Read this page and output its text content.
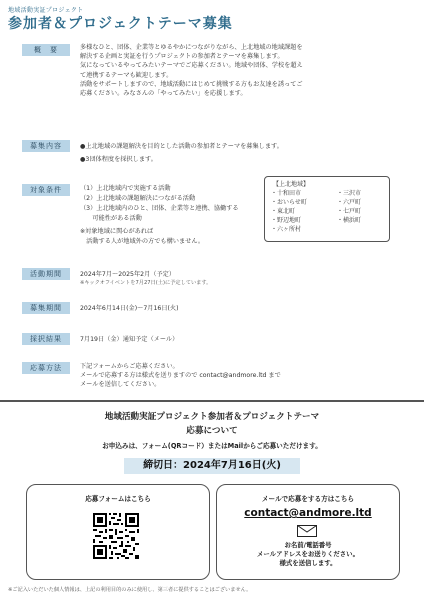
地域活動実証プロジェクト
参加者＆プロジェクトテーマ募集
概　要	多様なひと、団体、企業等とゆるやかにつながりながら、上北地域の地域課題を

解決する企画と実証を行うプロジェクトの参加者とテーマを募集します。

気になっているやってみたいテーマでご応募ください。地域や団体、学校を超え

て連携するテーマも歓迎します。

活動をサポートしますので、地域活動にはじめて挑戦する方もお友達を誘ってご

応募ください。みなさんの「やってみたい」を応援します。

募集内容	●上北地域の課題解決を目的とした活動の参加者とテーマを募集します。

●3団体程度を採択します。

対象条件	（1）上北地域内で実施する活動

（2）上北地域の課題解決につながる活動

（3）上北地域内のひと、団体、企業等と連携、協働する

　　可能性がある活動

※対象地域に関心があれば

　活動する人が地域外の方でも構いません。

【上北地域】
・十和田市
・おいらせ町
・東北町
・野辺地町
・六ヶ所村
・三沢市
・六戸町
・七戸町
・横浜町
活動期間	2024年7月〜2025年2月（予定）

※キックオフイベントを7月27日(土)に予定しています。

募集期間	2024年6月14日(金)〜7月16日(火)
採択結果	7月19日（金）通知予定（メール）
応募方法	下記フォームからご応募ください。

メールで応募する方は様式を送りますので contact@andmore.ltd まで

メールを送信してください。

地域活動実証プロジェクト参加者＆プロジェクトテーマ
応募について
お申込みは、フォーム(QRコード）またはMailからご応募いただけます。
締切日：2024年7月16日(火)
応募フォームはこちら	メールで応募をする方はこちら
contact@andmore.ltd
お名前/電話番号
メールアドレスをお送りください。
様式を送信します。
※ご記入いただいた個人情報は、上記の利用目的のみに使用し、第三者に提供することはございません。
